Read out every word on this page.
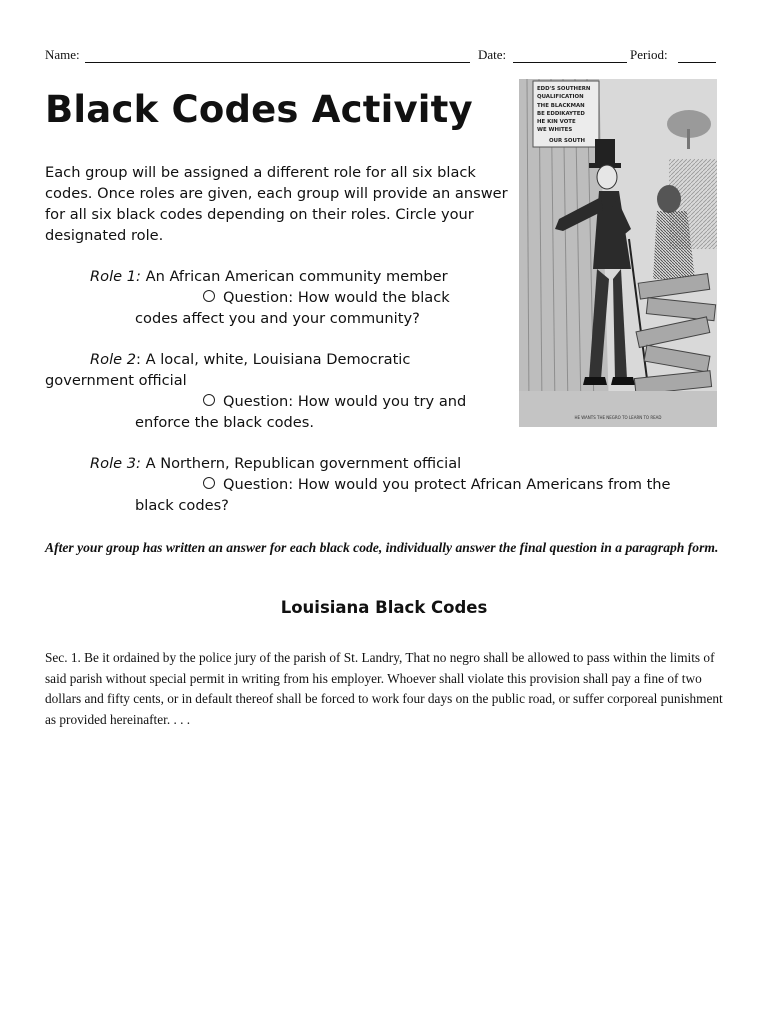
Name:	Date:	Period:
Black Codes Activity

Each group will be assigned a different role for all six black codes. Once roles are given, each group will provide an answer for all six black codes depending on their roles. Circle your designated role.

Role 1: An African American community member
Question: How would the black
codes affect you and your community?
Role 2: A local, white, Louisiana Democratic
government official
Question: How would you try and
enforce the black codes.
Role 3: A Northern, Republican government official
Question: How would you protect African Americans from the
black codes?

After your group has written an answer for each black code, individually answer the final question in a paragraph form.

Louisiana Black Codes

Sec. 1. Be it ordained by the police jury of the parish of St. Landry, That no negro shall be allowed to pass within the limits of said parish without special permit in writing from his employer. Whoever shall violate this provision shall pay a fine of two dollars and fifty cents, or in default thereof shall be forced to work four days on the public road, or suffer corporeal punishment as provided hereinafter. . . .

EDD'S SOUTHERN
QUALIFICATION
THE BLACKMAN
BE EDDIKAYTED
HE KIN VOTE
WE WHITES
OUR SOUTH
HE WANTS THE NEGRO TO LEARN TO READ
